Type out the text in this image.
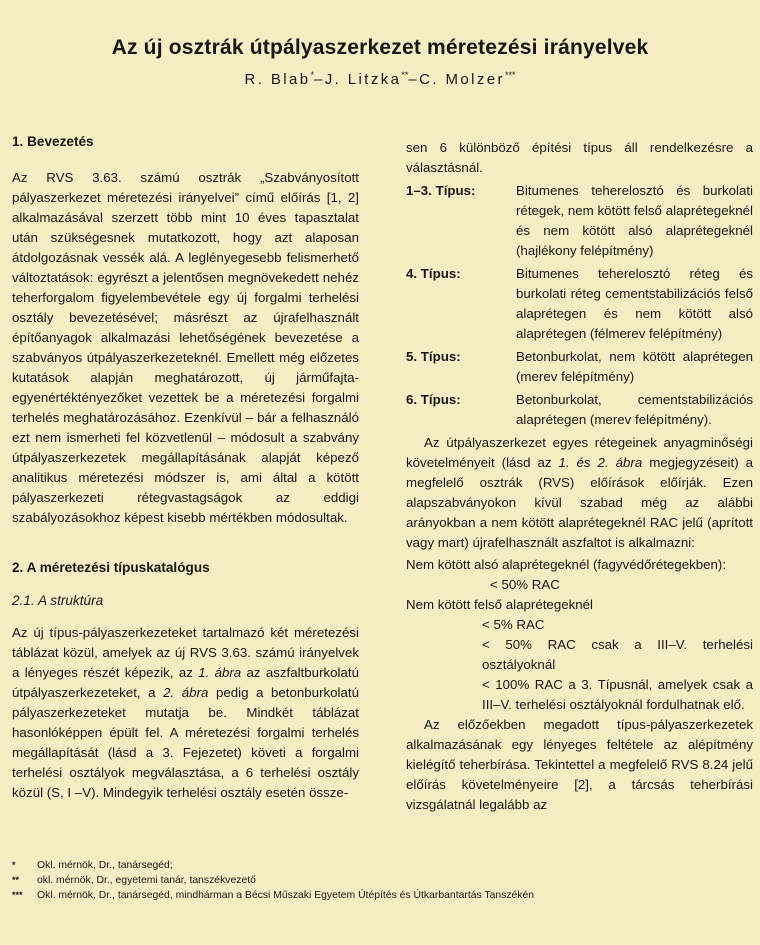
Az új osztrák útpályaszerkezet méretezési irányelvek
R. Blab*–J. Litzka**–C. Molzer***
1. Bevezetés

Az RVS 3.63. számú osztrák „Szabványosított pályaszerkezet méretezési irányelvei” című előírás [1, 2] alkalmazásával szerzett több mint 10 éves tapasztalat után szükségesnek mutatkozott, hogy azt alaposan átdolgozásnak vessék alá. A leglényegesebb felismerhető változtatások: egyrészt a jelentősen megnövekedett nehéz teherforgalom figyelembevétele egy új forgalmi terhelési osztály bevezetésével; másrészt az újrafelhasznált építőanyagok alkalmazási lehetőségének bevezetése a szabványos útpályaszerkezeteknél. Emellett még előzetes kutatások alapján meghatározott, új járműfajta-egyenértéktényezőket vezettek be a méretezési forgalmi terhelés meghatározásához. Ezenkívül – bár a felhasználó ezt nem ismerheti fel közvetlenül – módosult a szabvány útpályaszerkezetek megállapításának alapját képező analitikus méretezési módszer is, ami által a kötött pályaszerkezeti rétegvastagságok az eddigi szabályozásokhoz képest kisebb mértékben módosultak.

2. A méretezési típuskatalógus
2.1. A struktúra

Az új típus-pályaszerkezeteket tartalmazó két méretezési táblázat közül, amelyek az új RVS 3.63. számú irányelvek a lényeges részét képezik, az 1. ábra az aszfaltburkolatú útpályaszerkezeteket, a 2. ábra pedig a betonburkolatú pályaszerkezeteket mutatja be. Mindkét táblázat hasonlóképpen épült fel. A méretezési forgalmi terhelés megállapítását (lásd a 3. Fejezetet) követi a forgalmi terhelési osztályok megválasztása, a 6 terhelési osztály közül (S, I –V). Mindegyik terhelési osztály esetén össze-

sen 6 különböző építési típus áll rendelkezésre a választásnál.

1–3. Típus:	Bitumenes teherelosztó és burkolati rétegek, nem kötött felső alaprétegeknél és nem kötött alsó alaprétegeknél (hajlékony felépítmény)
4. Típus:	Bitumenes teherelosztó réteg és burkolati réteg cementstabilizációs felső alaprétegen és nem kötött alsó alaprétegen (félmerev felépítmény)
5. Típus:	Betonburkolat, nem kötött alaprétegen (merev felépítmény)
6. Típus:	Betonburkolat, cementstabilizációs alaprétegen (merev felépítmény).

Az útpályaszerkezet egyes rétegeinek anyagminőségi követelményeit (lásd az 1. és 2. ábra megjegyzéseit) a megfelelő osztrák (RVS) előírások előírják. Ezen alapszabványokon kívül szabad még az alábbi arányokban a nem kötött alaprétegeknél RAC jelű (aprított vagy mart) újrafelhasznált aszfaltot is alkalmazni:

Nem kötött alsó alaprétegeknél (fagyvédőrétegekben):

< 50% RAC

Nem kötött felső alaprétegeknél

< 5% RAC

< 50% RAC csak a III–V. terhelési osztályoknál

< 100% RAC a 3. Típusnál, amelyek csak a III–V. terhelési osztályoknál fordulhatnak elő.

Az előzőekben megadott típus-pályaszerkezetek alkalmazásának egy lényeges feltétele az alépítmény kielégítő teherbírása. Tekintettel a megfelelő RVS 8.24 jelű előírás követelményeire [2], a tárcsás teherbírási vizsgálatnál legalább az

*	Okl. mérnök, Dr., tanársegéd;
**	okl. mérnök, Dr., egyetemi tanár, tanszékvezető
***	Okl. mérnök, Dr., tanársegéd, mindhárman a Bécsi Műszaki Egyetem Útépítés és Útkarbantartás Tanszékén
